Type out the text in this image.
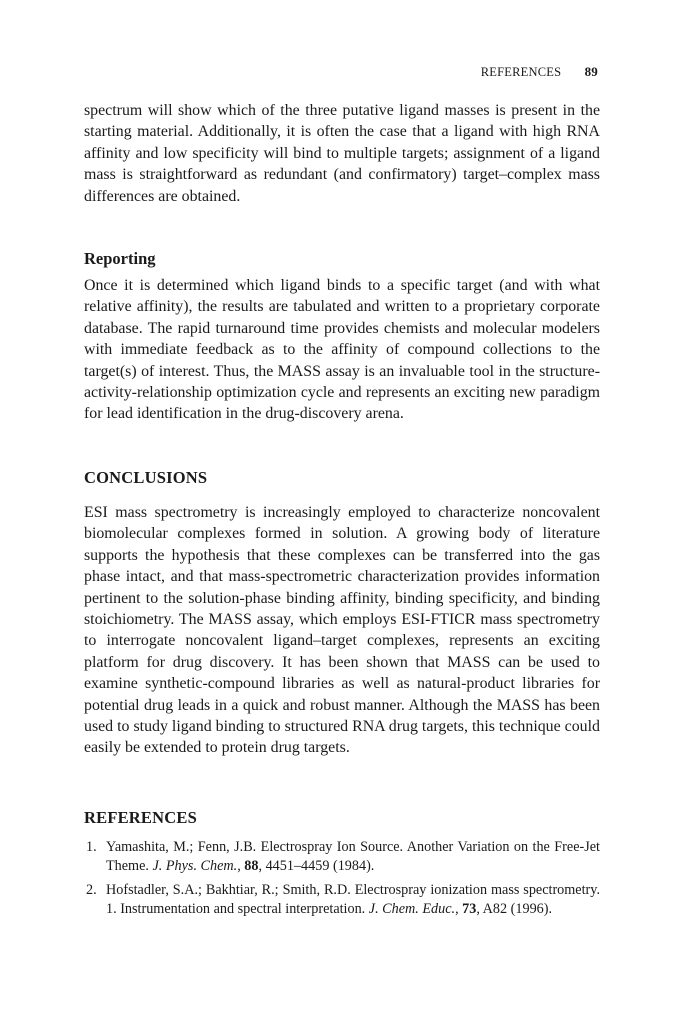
REFERENCES 89

spectrum will show which of the three putative ligand masses is present in the starting material. Additionally, it is often the case that a ligand with high RNA affinity and low specificity will bind to multiple targets; assignment of a ligand mass is straightforward as redundant (and confirmatory) target–complex mass differences are obtained.

Reporting

Once it is determined which ligand binds to a specific target (and with what relative affinity), the results are tabulated and written to a proprietary corporate database. The rapid turnaround time provides chemists and molecular modelers with immediate feedback as to the affinity of compound collections to the target(s) of interest. Thus, the MASS assay is an invaluable tool in the structure-activity-relationship optimization cycle and represents an exciting new paradigm for lead identification in the drug-discovery arena.

CONCLUSIONS

ESI mass spectrometry is increasingly employed to characterize noncovalent biomolecular complexes formed in solution. A growing body of literature supports the hypothesis that these complexes can be transferred into the gas phase intact, and that mass-spectrometric characterization provides information pertinent to the solution-phase binding affinity, binding specificity, and binding stoichiometry. The MASS assay, which employs ESI-FTICR mass spectrometry to interrogate noncovalent ligand–target complexes, represents an exciting platform for drug discovery. It has been shown that MASS can be used to examine synthetic-compound libraries as well as natural-product libraries for potential drug leads in a quick and robust manner. Although the MASS has been used to study ligand binding to structured RNA drug targets, this technique could easily be extended to protein drug targets.

REFERENCES
1. Yamashita, M.; Fenn, J.B. Electrospray Ion Source. Another Variation on the Free-Jet Theme. J. Phys. Chem., 88, 4451–4459 (1984).
2. Hofstadler, S.A.; Bakhtiar, R.; Smith, R.D. Electrospray ionization mass spectrometry. 1. Instrumentation and spectral interpretation. J. Chem. Educ., 73, A82 (1996).
